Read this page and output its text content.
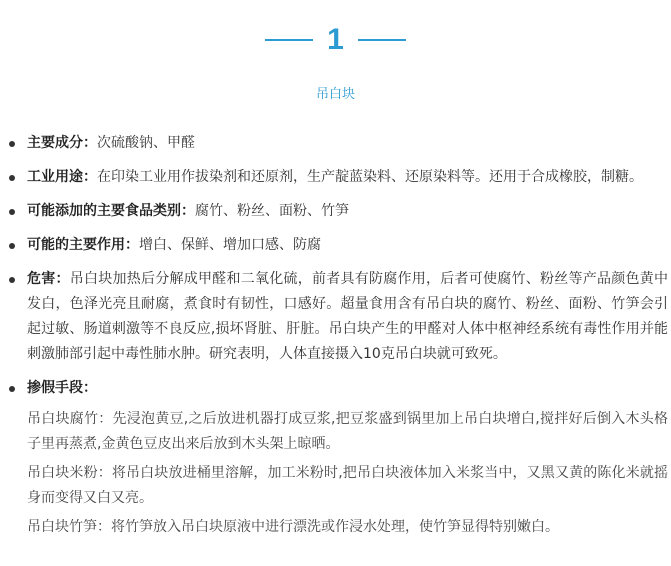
1
吊白块
主要成分：次硫酸钠、甲醛
工业用途：在印染工业用作拔染剂和还原剂，生产靛蓝染料、还原染料等。还用于合成橡胶，制糖。
可能添加的主要食品类别：腐竹、粉丝、面粉、竹笋
可能的主要作用：增白、保鲜、增加口感、防腐
危害：吊白块加热后分解成甲醛和二氧化硫，前者具有防腐作用，后者可使腐竹、粉丝等产品颜色黄中发白，色泽光亮且耐腐，煮食时有韧性，口感好。超量食用含有吊白块的腐竹、粉丝、面粉、竹笋会引起过敏、肠道刺激等不良反应,损坏肾脏、肝脏。吊白块产生的甲醛对人体中枢神经系统有毒性作用并能刺激肺部引起中毒性肺水肿。研究表明，人体直接摄入10克吊白块就可致死。
掺假手段：

吊白块腐竹：先浸泡黄豆,之后放进机器打成豆浆,把豆浆盛到锅里加上吊白块增白,搅拌好后倒入木头格子里再蒸煮,金黄色豆皮出来后放到木头架上晾晒。

吊白块米粉：将吊白块放进桶里溶解，加工米粉时,把吊白块液体加入米浆当中，又黑又黄的陈化米就摇身而变得又白又亮。

吊白块竹笋：将竹笋放入吊白块原液中进行漂洗或作浸水处理，使竹笋显得特别嫩白。
